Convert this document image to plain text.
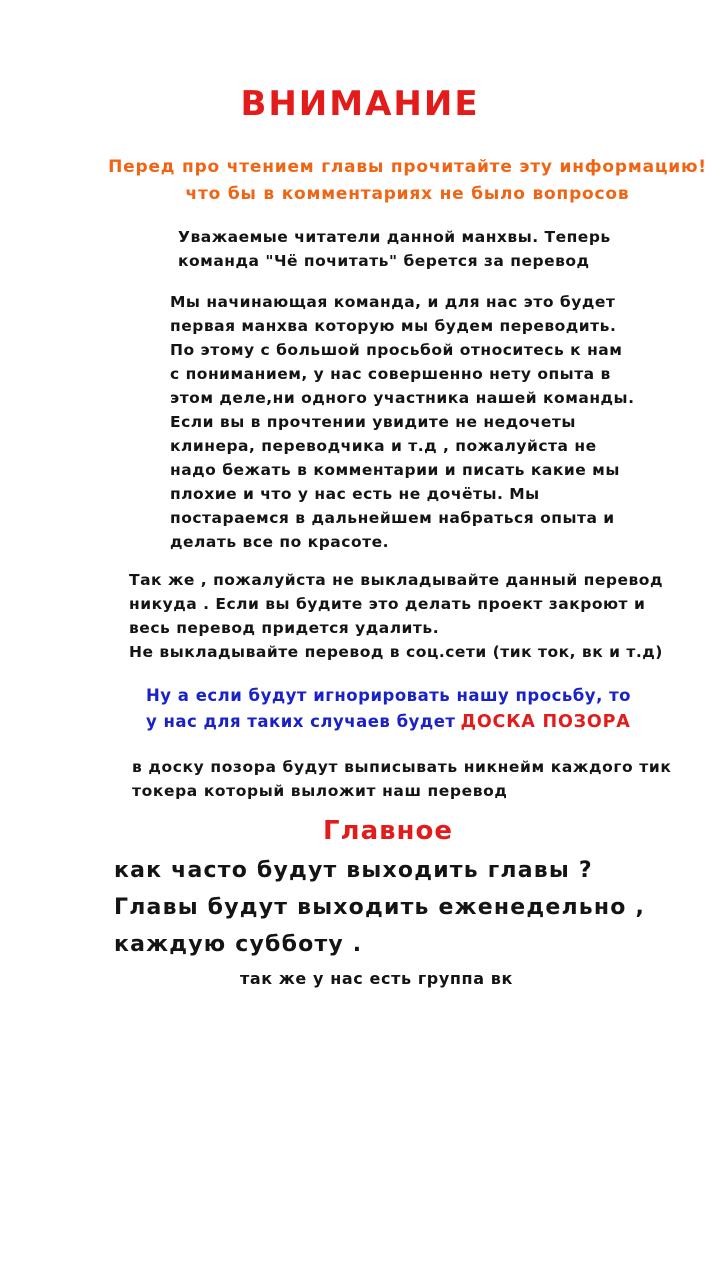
ВНИМАНИЕ
Перед про чтением главы прочитайте эту информацию!
что бы в комментариях не было вопросов
Уважаемые читатели данной манхвы. Теперь
команда "Чё почитать" берется за перевод
Мы начинающая команда, и для нас это будет
первая манхва которую мы будем переводить.
По этому с большой просьбой относитесь к нам
с пониманием, у нас совершенно нету опыта в
этом деле,ни одного участника нашей команды.
Если вы в прочтении увидите не недочеты
клинера, переводчика и т.д , пожалуйста не
надо бежать в комментарии и писать какие мы
плохие и что у нас есть не дочёты. Мы
постараемся в дальнейшем набраться опыта и
делать все по красоте.
Так же , пожалуйста не выкладывайте данный перевод
никуда . Если вы будите это делать проект закроют и
весь перевод придется удалить.
Не выкладывайте перевод в соц.сети (тик ток, вк и т.д)
Ну а если будут игнорировать нашу просьбу, то
у нас для таких случаев будет ДОСКА ПОЗОРА
в доску позора будут выписывать никнейм каждого тик
токера который выложит наш перевод
Главное
как часто будут выходить главы ?
Главы будут выходить еженедельно ,
каждую субботу .

так же у нас есть группа вк
